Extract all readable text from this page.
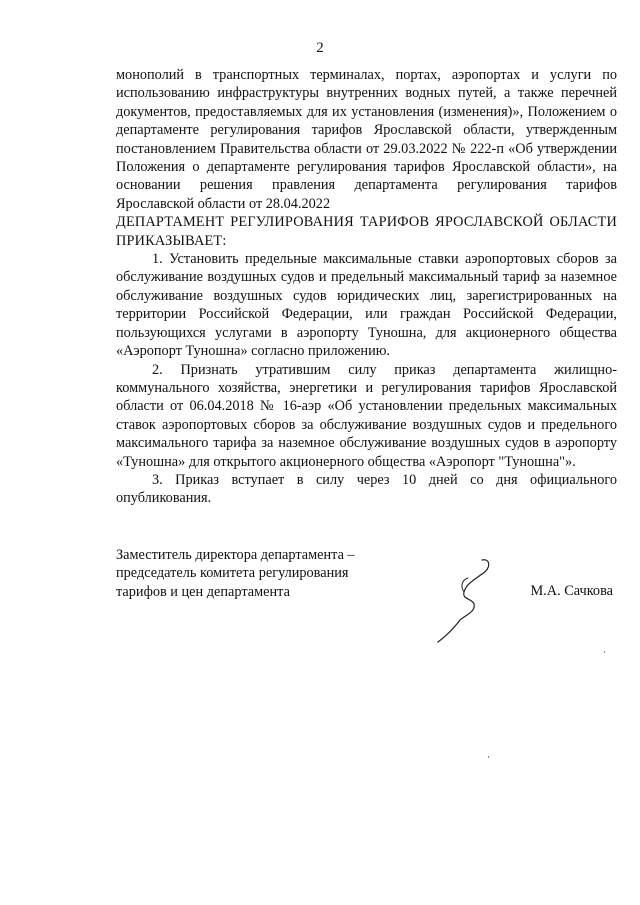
2

монополий в транспортных терминалах, портах, аэропортах и услуги по использованию инфраструктуры внутренних водных путей, а также перечней документов, предоставляемых для их установления (изменения)», Положением о департаменте регулирования тарифов Ярославской области, утвержденным постановлением Правительства области от 29.03.2022 № 222-п «Об утверждении Положения о департаменте регулирования тарифов Ярославской области», на основании решения правления департамента регулирования тарифов Ярославской области от 28.04.2022

ДЕПАРТАМЕНТ РЕГУЛИРОВАНИЯ ТАРИФОВ ЯРОСЛАВСКОЙ ОБЛАСТИ ПРИКАЗЫВАЕТ:

1. Установить предельные максимальные ставки аэропортовых сборов за обслуживание воздушных судов и предельный максимальный тариф за наземное обслуживание воздушных судов юридических лиц, зарегистрированных на территории Российской Федерации, или граждан Российской Федерации, пользующихся услугами в аэропорту Туношна, для акционерного общества «Аэропорт Туношна» согласно приложению.

2. Признать утратившим силу приказ департамента жилищно-коммунального хозяйства, энергетики и регулирования тарифов Ярославской области от 06.04.2018 № 16-аэр «Об установлении предельных максимальных ставок аэропортовых сборов за обслуживание воздушных судов и предельного максимального тарифа за наземное обслуживание воздушных судов в аэропорту «Туношна» для открытого акционерного общества «Аэропорт "Туношна"».

3. Приказ вступает в силу через 10 дней со дня официального опубликования.

Заместитель директора департамента –

председатель комитета регулирования

тарифов и цен департамента	М.А. Сачкова
